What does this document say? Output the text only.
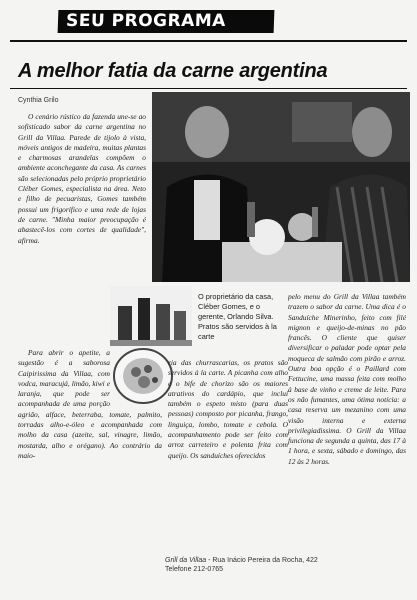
SEU PROGRAMA
A melhor fatia da carne argentina
Cynthia Grilo

O cenário rústico da fazenda une-se ao sofisticado sabor da carne argentina no Grill da Villaa. Parede de tijolo à vista, móveis antigos de madeira, muitas plantas e charmosas arandelas compõem o ambiente aconchegante da casa. As carnes são selecionadas pelo próprio proprietário Cléber Gomes, especialista na área. Neto e filho de pecuaristas, Gomes também possui um frigorífico e uma rede de lojas de carne. "Minha maior preocupação é abastecê-los com cortes de qualidade", afirma.

Para abrir o apetite, a sugestão é a saborosa Caipirissima da Villaa, com vodca, maracujá, limão, kiwi e laranja, que pode ser acompanhada de uma porção

agrião, alface, beterraba, tomate, palmito, torradas alho-e-óleo e acompanhada com molho da casa (azeite, sal, vinagre, limão, mostarda, alho e orégano). Ao contrário da maio-

O proprietário da casa, Cléber Gomes, e o gerente, Orlando Silva. Pratos são servidos à la carte

ria das churrascarias, os pratos são servidos à la carte. A picanha com alho e o bife de chorizo são os maiores atrativos do cardápio, que inclui também o espeto misto (para duas pessoas) composto por picanha, frango, linguiça, lombo, tomate e cebola. O acompanhamento pode ser feito com arroz carreteiro e polenta frita com queijo. Os sanduíches oferecidos

pelo menu do Grill da Villaa também trazem o sabor da carne. Uma dica é o Sanduíche Minerinho, feito com filé mignon e queijo-de-minas no pão francês. O cliente que quiser diversificar o paladar pode optar pela moqueca de salmão com pirão e arroz. Outra boa opção é o Paillard com Fettucine, uma massa feita com molho à base de vinho e creme de leite. Para os não fumantes, uma ótima notícia: a casa reserva um mezanino com uma visão interna e externa privilegiadissima. O Grill da Villaa funciona de segunda a quinta, das 17 à 1 hora, e sexta, sábado e domingo, das 12 às 2 horas.

Grill da Villaa - Rua Inácio Pereira da Rocha, 422
Telefone 212-0765
